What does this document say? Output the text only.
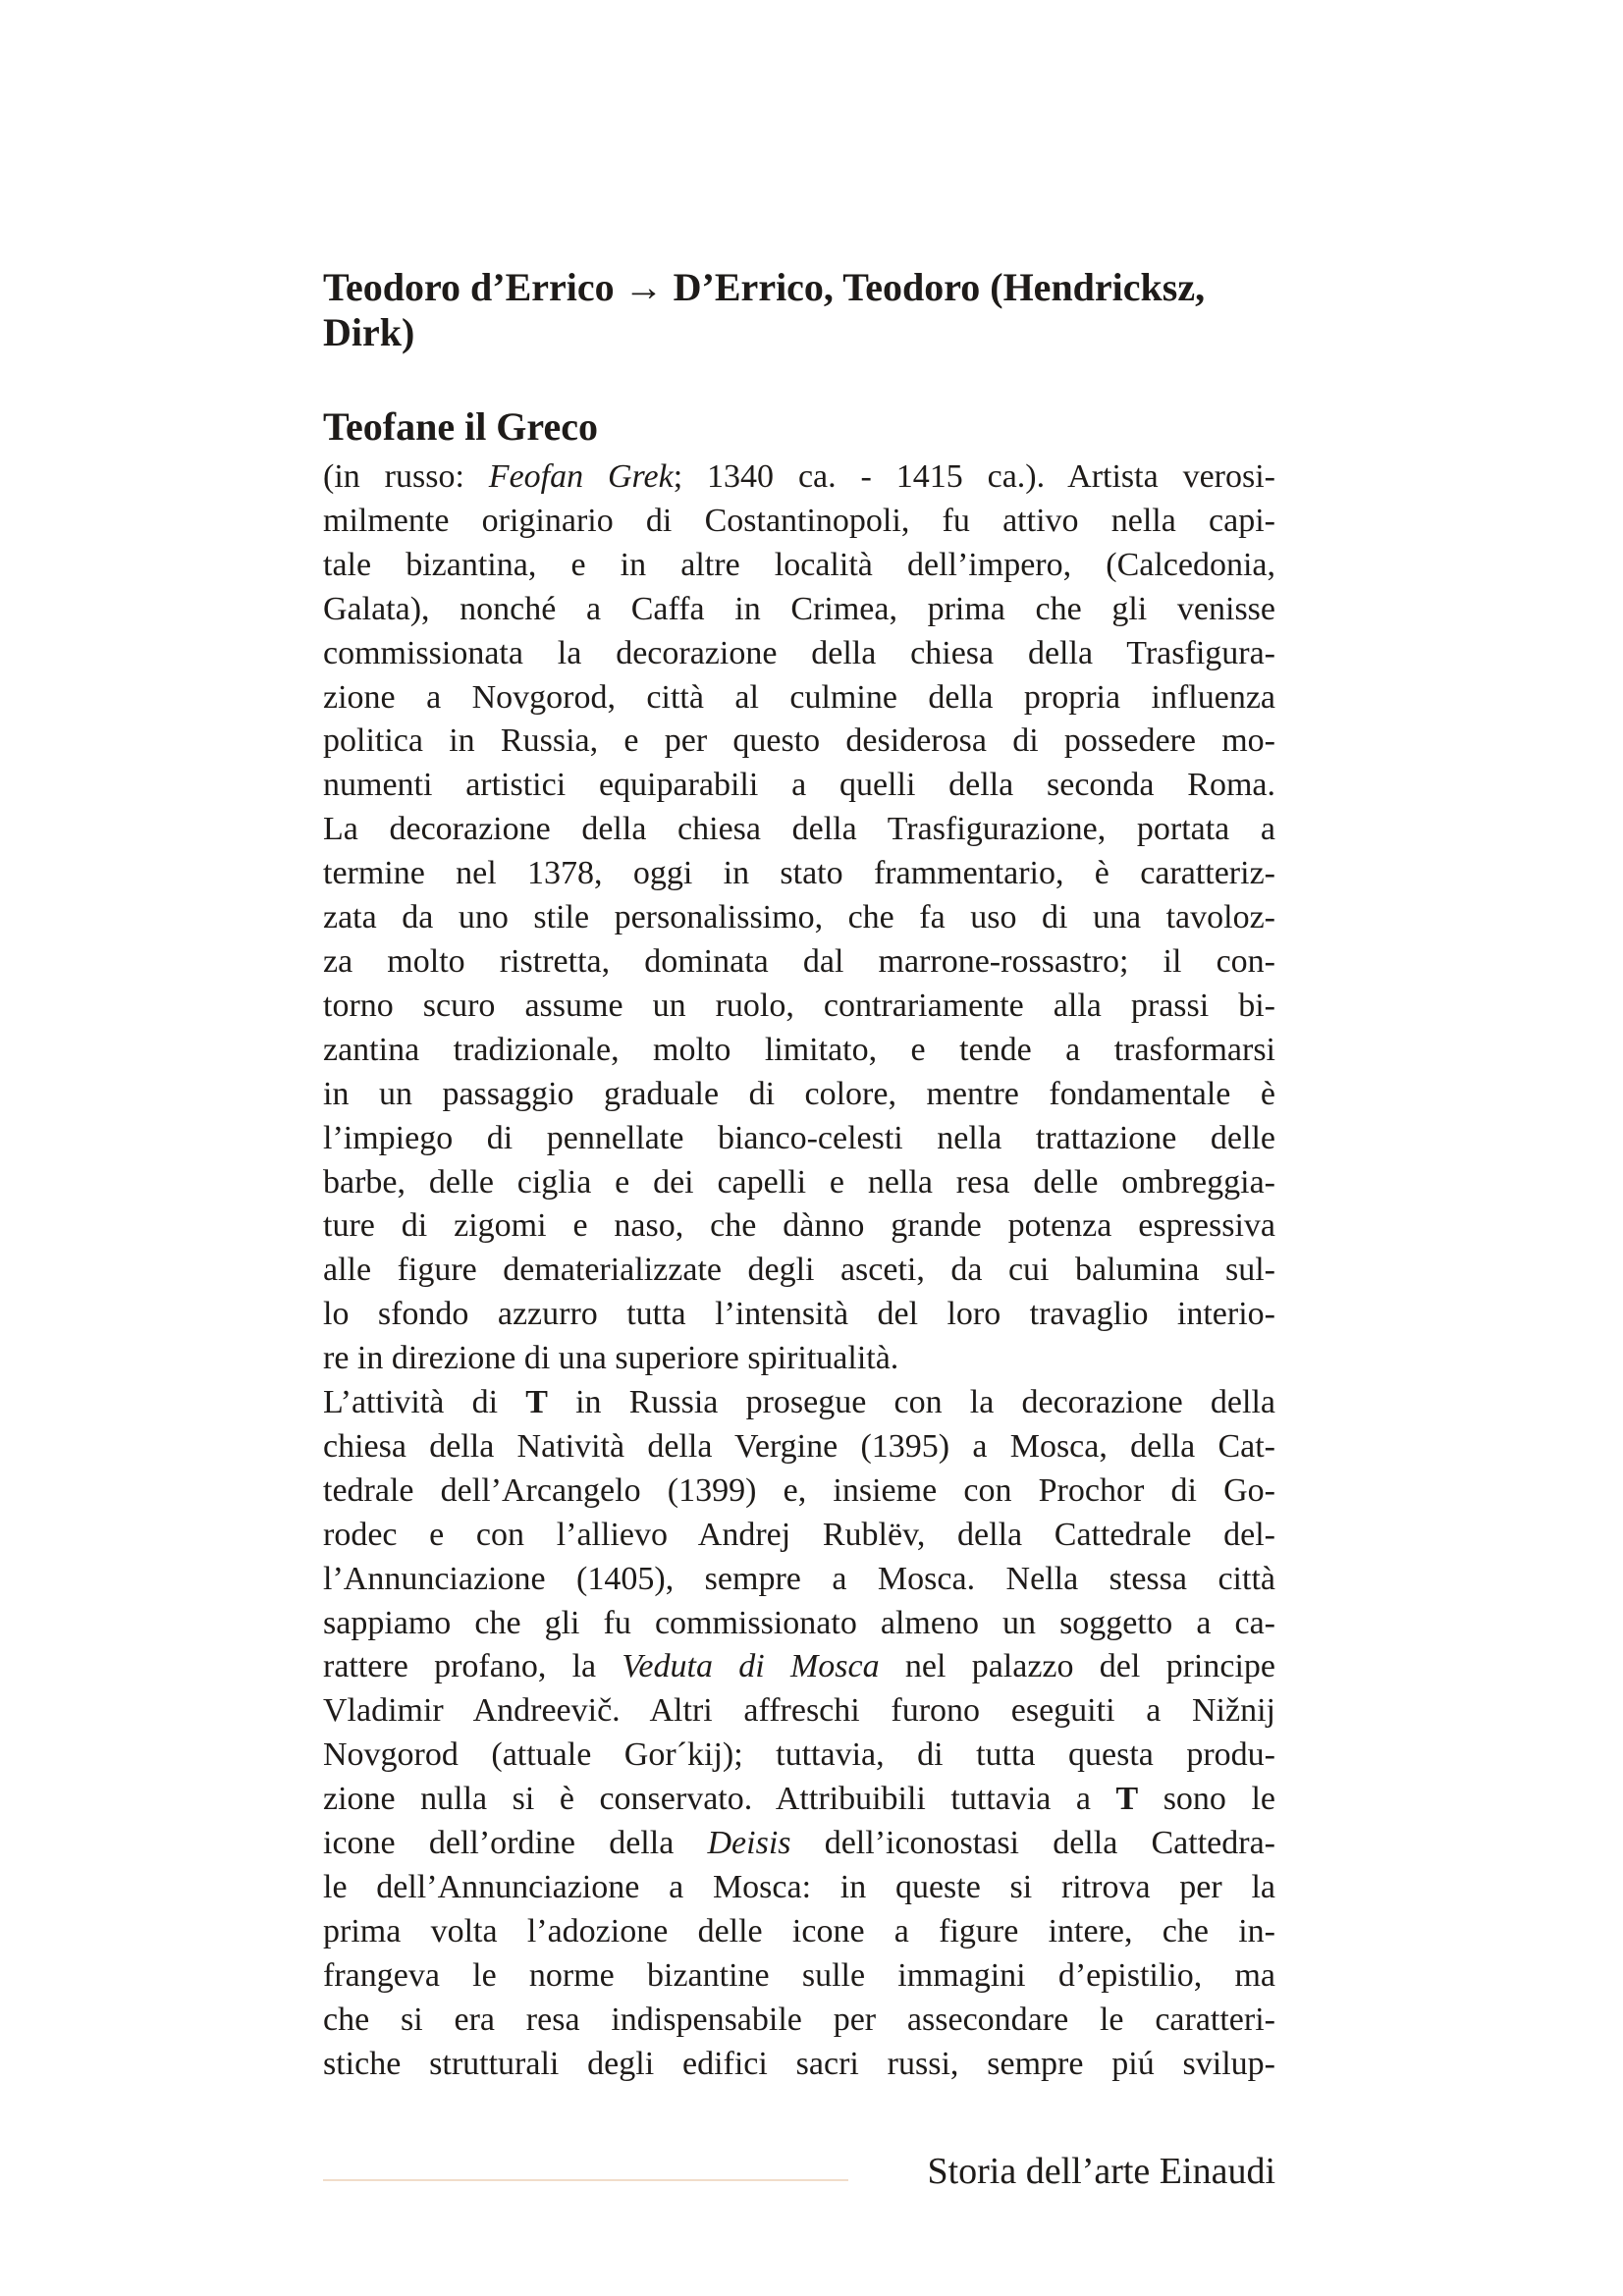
Teodoro d’Errico → D’Errico, Teodoro (Hendricksz,
Dirk)

Teofane il Greco
(in russo: Feofan Grek; 1340 ca. - 1415 ca.). Artista verosi-
milmente originario di Costantinopoli, fu attivo nella capi-
tale bizantina, e in altre località dell’impero, (Calcedonia,
Galata), nonché a Caffa in Crimea, prima che gli venisse
commissionata la decorazione della chiesa della Trasfigura-
zione a Novgorod, città al culmine della propria influenza
politica in Russia, e per questo desiderosa di possedere mo-
numenti artistici equiparabili a quelli della seconda Roma.
La decorazione della chiesa della Trasfigurazione, portata a
termine nel 1378, oggi in stato frammentario, è caratteriz-
zata da uno stile personalissimo, che fa uso di una tavoloz-
za molto ristretta, dominata dal marrone-rossastro; il con-
torno scuro assume un ruolo, contrariamente alla prassi bi-
zantina tradizionale, molto limitato, e tende a trasformarsi
in un passaggio graduale di colore, mentre fondamentale è
l’impiego di pennellate bianco-celesti nella trattazione delle
barbe, delle ciglia e dei capelli e nella resa delle ombreggia-
ture di zigomi e naso, che dànno grande potenza espressiva
alle figure dematerializzate degli asceti, da cui balumina sul-
lo sfondo azzurro tutta l’intensità del loro travaglio interio-
re in direzione di una superiore spiritualità.
L’attività di T in Russia prosegue con la decorazione della
chiesa della Natività della Vergine (1395) a Mosca, della Cat-
tedrale dell’Arcangelo (1399) e, insieme con Prochor di Go-
rodec e con l’allievo Andrej Rublëv, della Cattedrale del-
l’Annunciazione (1405), sempre a Mosca. Nella stessa città
sappiamo che gli fu commissionato almeno un soggetto a ca-
rattere profano, la Veduta di Mosca nel palazzo del principe
Vladimir Andreevič. Altri affreschi furono eseguiti a Nižnij
Novgorod (attuale Gor´kij); tuttavia, di tutta questa produ-
zione nulla si è conservato. Attribuibili tuttavia a T sono le
icone dell’ordine della Deisis dell’iconostasi della Cattedra-
le dell’Annunciazione a Mosca: in queste si ritrova per la
prima volta l’adozione delle icone a figure intere, che in-
frangeva le norme bizantine sulle immagini d’epistilio, ma
che si era resa indispensabile per assecondare le caratteri-
stiche strutturali degli edifici sacri russi, sempre piú svilup-
Storia dell’arte Einaudi
